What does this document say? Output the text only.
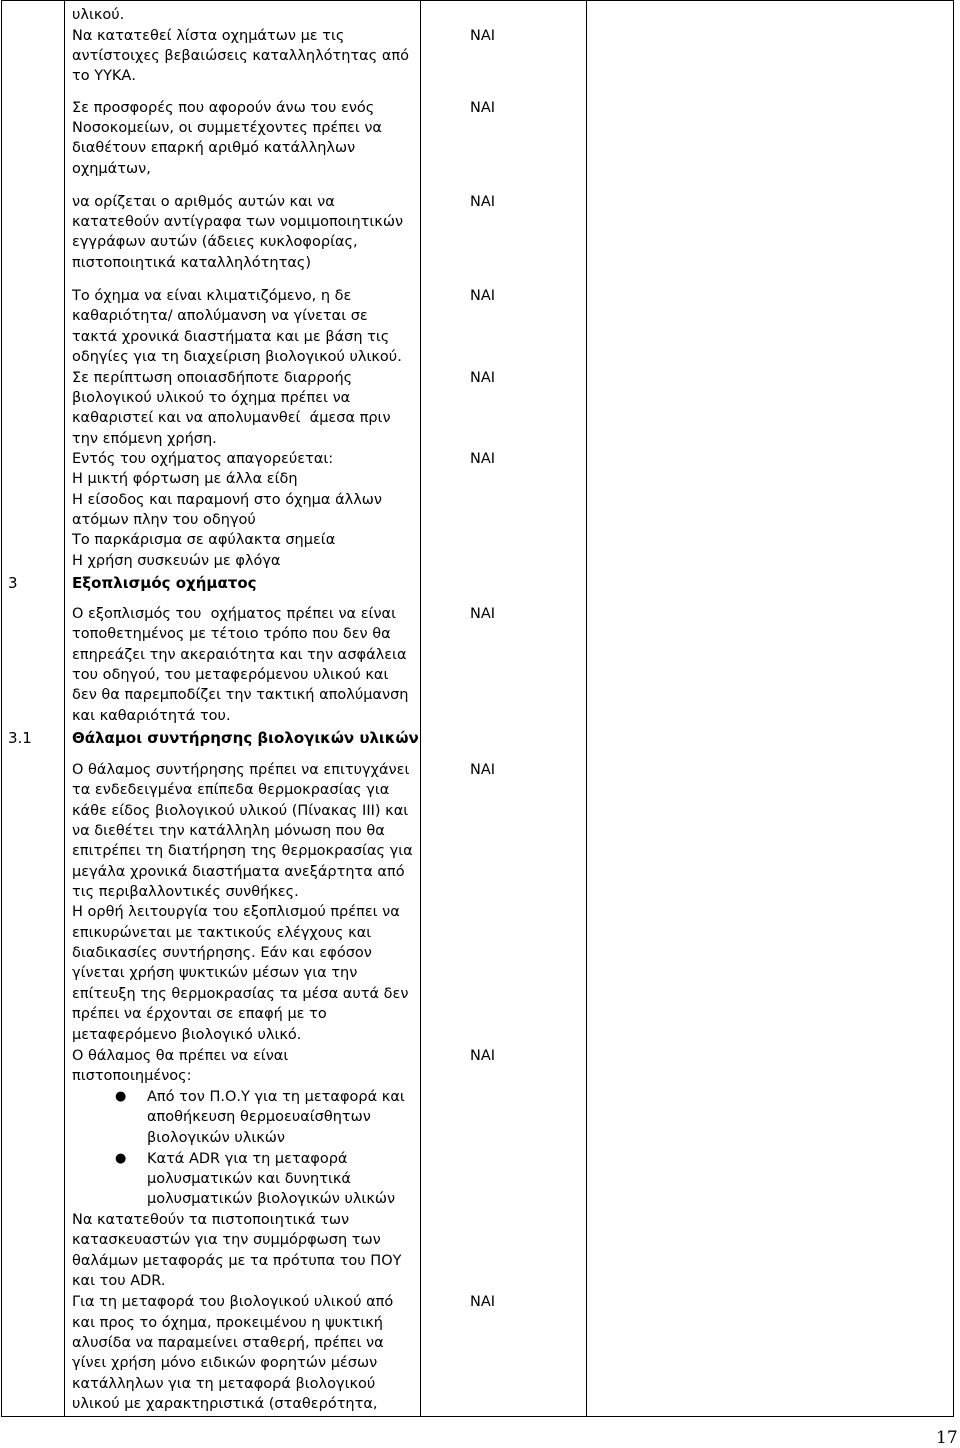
υλικού.
Να κατατεθεί λίστα οχημάτων με τις
αντίστοιχες βεβαιώσεις καταλληλότητας από
το ΥΥΚΑ.
ΝΑΙ
Σε προσφορές που αφορούν άνω του ενός
Νοσοκομείων, οι συμμετέχοντες πρέπει να
διαθέτουν επαρκή αριθμό κατάλληλων
οχημάτων,
ΝΑΙ
να ορίζεται ο αριθμός αυτών και να
κατατεθούν αντίγραφα των νομιμοποιητικών
εγγράφων αυτών (άδειες κυκλοφορίας,
πιστοποιητικά καταλληλότητας)
ΝΑΙ
Το όχημα να είναι κλιματιζόμενο, η δε
καθαριότητα/ απολύμανση να γίνεται σε
τακτά χρονικά διαστήματα και με βάση τις
οδηγίες για τη διαχείριση βιολογικού υλικού.
ΝΑΙ
Σε περίπτωση οποιασδήποτε διαρροής
βιολογικού υλικού το όχημα πρέπει να
καθαριστεί και να απολυμανθεί  άμεσα πριν
την επόμενη χρήση.
ΝΑΙ
Εντός του οχήματος απαγορεύεται:
Η μικτή φόρτωση με άλλα είδη
Η είσοδος και παραμονή στο όχημα άλλων
ατόμων πλην του οδηγού
Το παρκάρισμα σε αφύλακτα σημεία
Η χρήση συσκευών με φλόγα
ΝΑΙ
3	Εξοπλισμός οχήματος
Ο εξοπλισμός του  οχήματος πρέπει να είναι
τοποθετημένος με τέτοιο τρόπο που δεν θα
επηρεάζει την ακεραιότητα και την ασφάλεια
του οδηγού, του μεταφερόμενου υλικού και
δεν θα παρεμποδίζει την τακτική απολύμανση
και καθαριότητά του.
ΝΑΙ
3.1	Θάλαμοι συντήρησης βιολογικών υλικών
Ο θάλαμος συντήρησης πρέπει να επιτυγχάνει
τα ενδεδειγμένα επίπεδα θερμοκρασίας για
κάθε είδος βιολογικού υλικού (Πίνακας ΙΙΙ) και
να διεθέτει την κατάλληλη μόνωση που θα
επιτρέπει τη διατήρηση της θερμοκρασίας για
μεγάλα χρονικά διαστήματα ανεξάρτητα από
τις περιβαλλοντικές συνθήκες.
Η ορθή λειτουργία του εξοπλισμού πρέπει να
επικυρώνεται με τακτικούς ελέγχους και
διαδικασίες συντήρησης. Εάν και εφόσον
γίνεται χρήση ψυκτικών μέσων για την
επίτευξη της θερμοκρασίας τα μέσα αυτά δεν
πρέπει να έρχονται σε επαφή με το
μεταφερόμενο βιολογικό υλικό.
ΝΑΙ
Ο θάλαμος θα πρέπει να είναι
πιστοποιημένος:
● Από τον Π.Ο.Υ για τη μεταφορά και
αποθήκευση θερμοευαίσθητων
βιολογικών υλικών
● Κατά ADR για τη μεταφορά
μολυσματικών και δυνητικά
μολυσματικών βιολογικών υλικών
Να κατατεθούν τα πιστοποιητικά των
κατασκευαστών για την συμμόρφωση των
θαλάμων μεταφοράς με τα πρότυπα του ΠΟΥ
και του ADR.
ΝΑΙ
Για τη μεταφορά του βιολογικού υλικού από
και προς το όχημα, προκειμένου η ψυκτική
αλυσίδα να παραμείνει σταθερή, πρέπει να
γίνει χρήση μόνο ειδικών φορητών μέσων
κατάλληλων για τη μεταφορά βιολογικού
υλικού με χαρακτηριστικά (σταθερότητα,
ΝΑΙ
17
